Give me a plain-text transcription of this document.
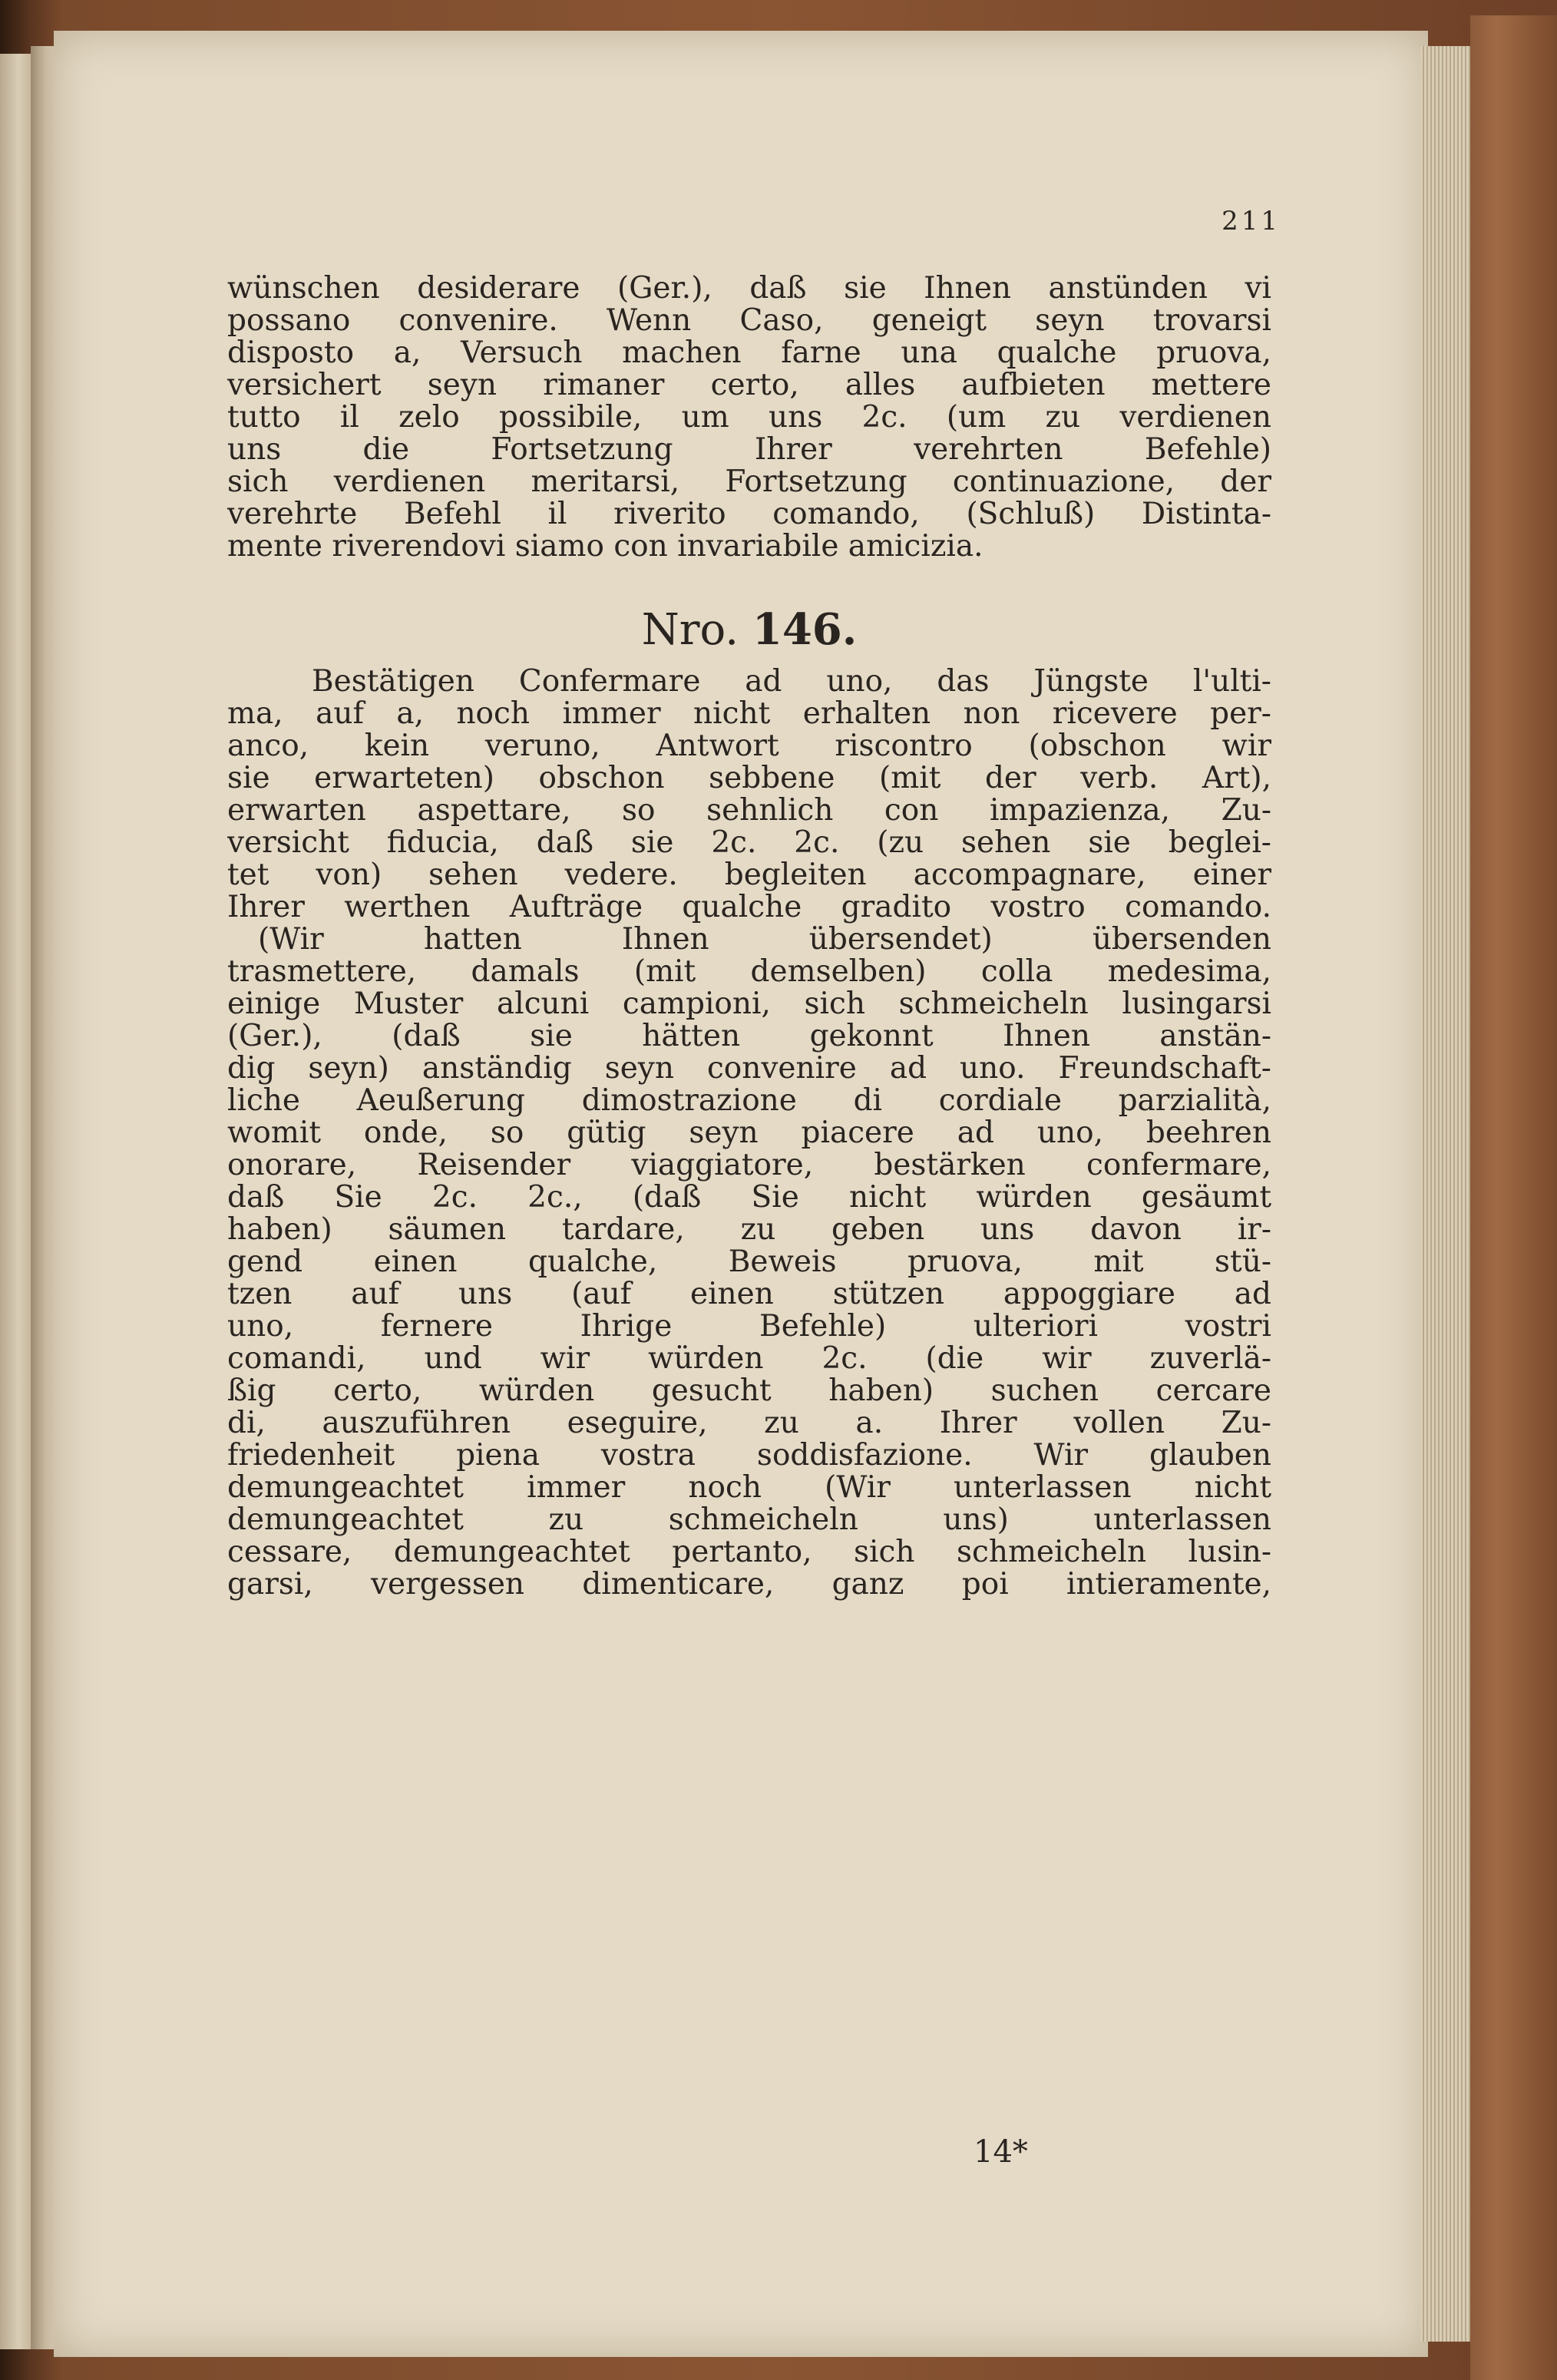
211
wünschen desiderare (Ger.), daß sie Ihnen anstünden vi
possano convenire. Wenn Caso, geneigt seyn trovarsi
disposto a, Versuch machen farne una qualche pruova,
versichert seyn rimaner certo, alles aufbieten mettere
tutto il zelo possibile, um uns 2c. (um zu verdienen
uns die Fortsetzung Ihrer verehrten Befehle)
sich verdienen meritarsi, Fortsetzung continuazione, der
verehrte Befehl il riverito comando, (Schluß) Distinta-
mente riverendovi siamo con invariabile amicizia.
Nro. 146.
Bestätigen Confermare ad uno, das Jüngste l'ulti-
ma, auf a, noch immer nicht erhalten non ricevere per-
anco, kein veruno, Antwort riscontro (obschon wir
sie erwarteten) obschon sebbene (mit der verb. Art),
erwarten aspettare, so sehnlich con impazienza, Zu-
versicht fiducia, daß sie 2c. 2c. (zu sehen sie beglei-
tet von) sehen vedere. begleiten accompagnare, einer
Ihrer werthen Aufträge qualche gradito vostro comando.
(Wir hatten Ihnen übersendet) übersenden
trasmettere, damals (mit demselben) colla medesima,
einige Muster alcuni campioni, sich schmeicheln lusingarsi
(Ger.), (daß sie hätten gekonnt Ihnen anstän-
dig seyn) anständig seyn convenire ad uno. Freundschaft-
liche Aeußerung dimostrazione di cordiale parzialità,
womit onde, so gütig seyn piacere ad uno, beehren
onorare, Reisender viaggiatore, bestärken confermare,
daß Sie 2c. 2c., (daß Sie nicht würden gesäumt
haben) säumen tardare, zu geben uns davon ir-
gend einen qualche, Beweis pruova, mit stü-
tzen auf uns (auf einen stützen appoggiare ad
uno, fernere Ihrige Befehle) ulteriori vostri
comandi, und wir würden 2c. (die wir zuverlä-
ßig certo, würden gesucht haben) suchen cercare
di, auszuführen eseguire, zu a. Ihrer vollen Zu-
friedenheit piena vostra soddisfazione. Wir glauben
demungeachtet immer noch (Wir unterlassen nicht
demungeachtet zu schmeicheln uns) unterlassen
cessare, demungeachtet pertanto, sich schmeicheln lusin-
garsi, vergessen dimenticare, ganz poi intieramente,
14*
